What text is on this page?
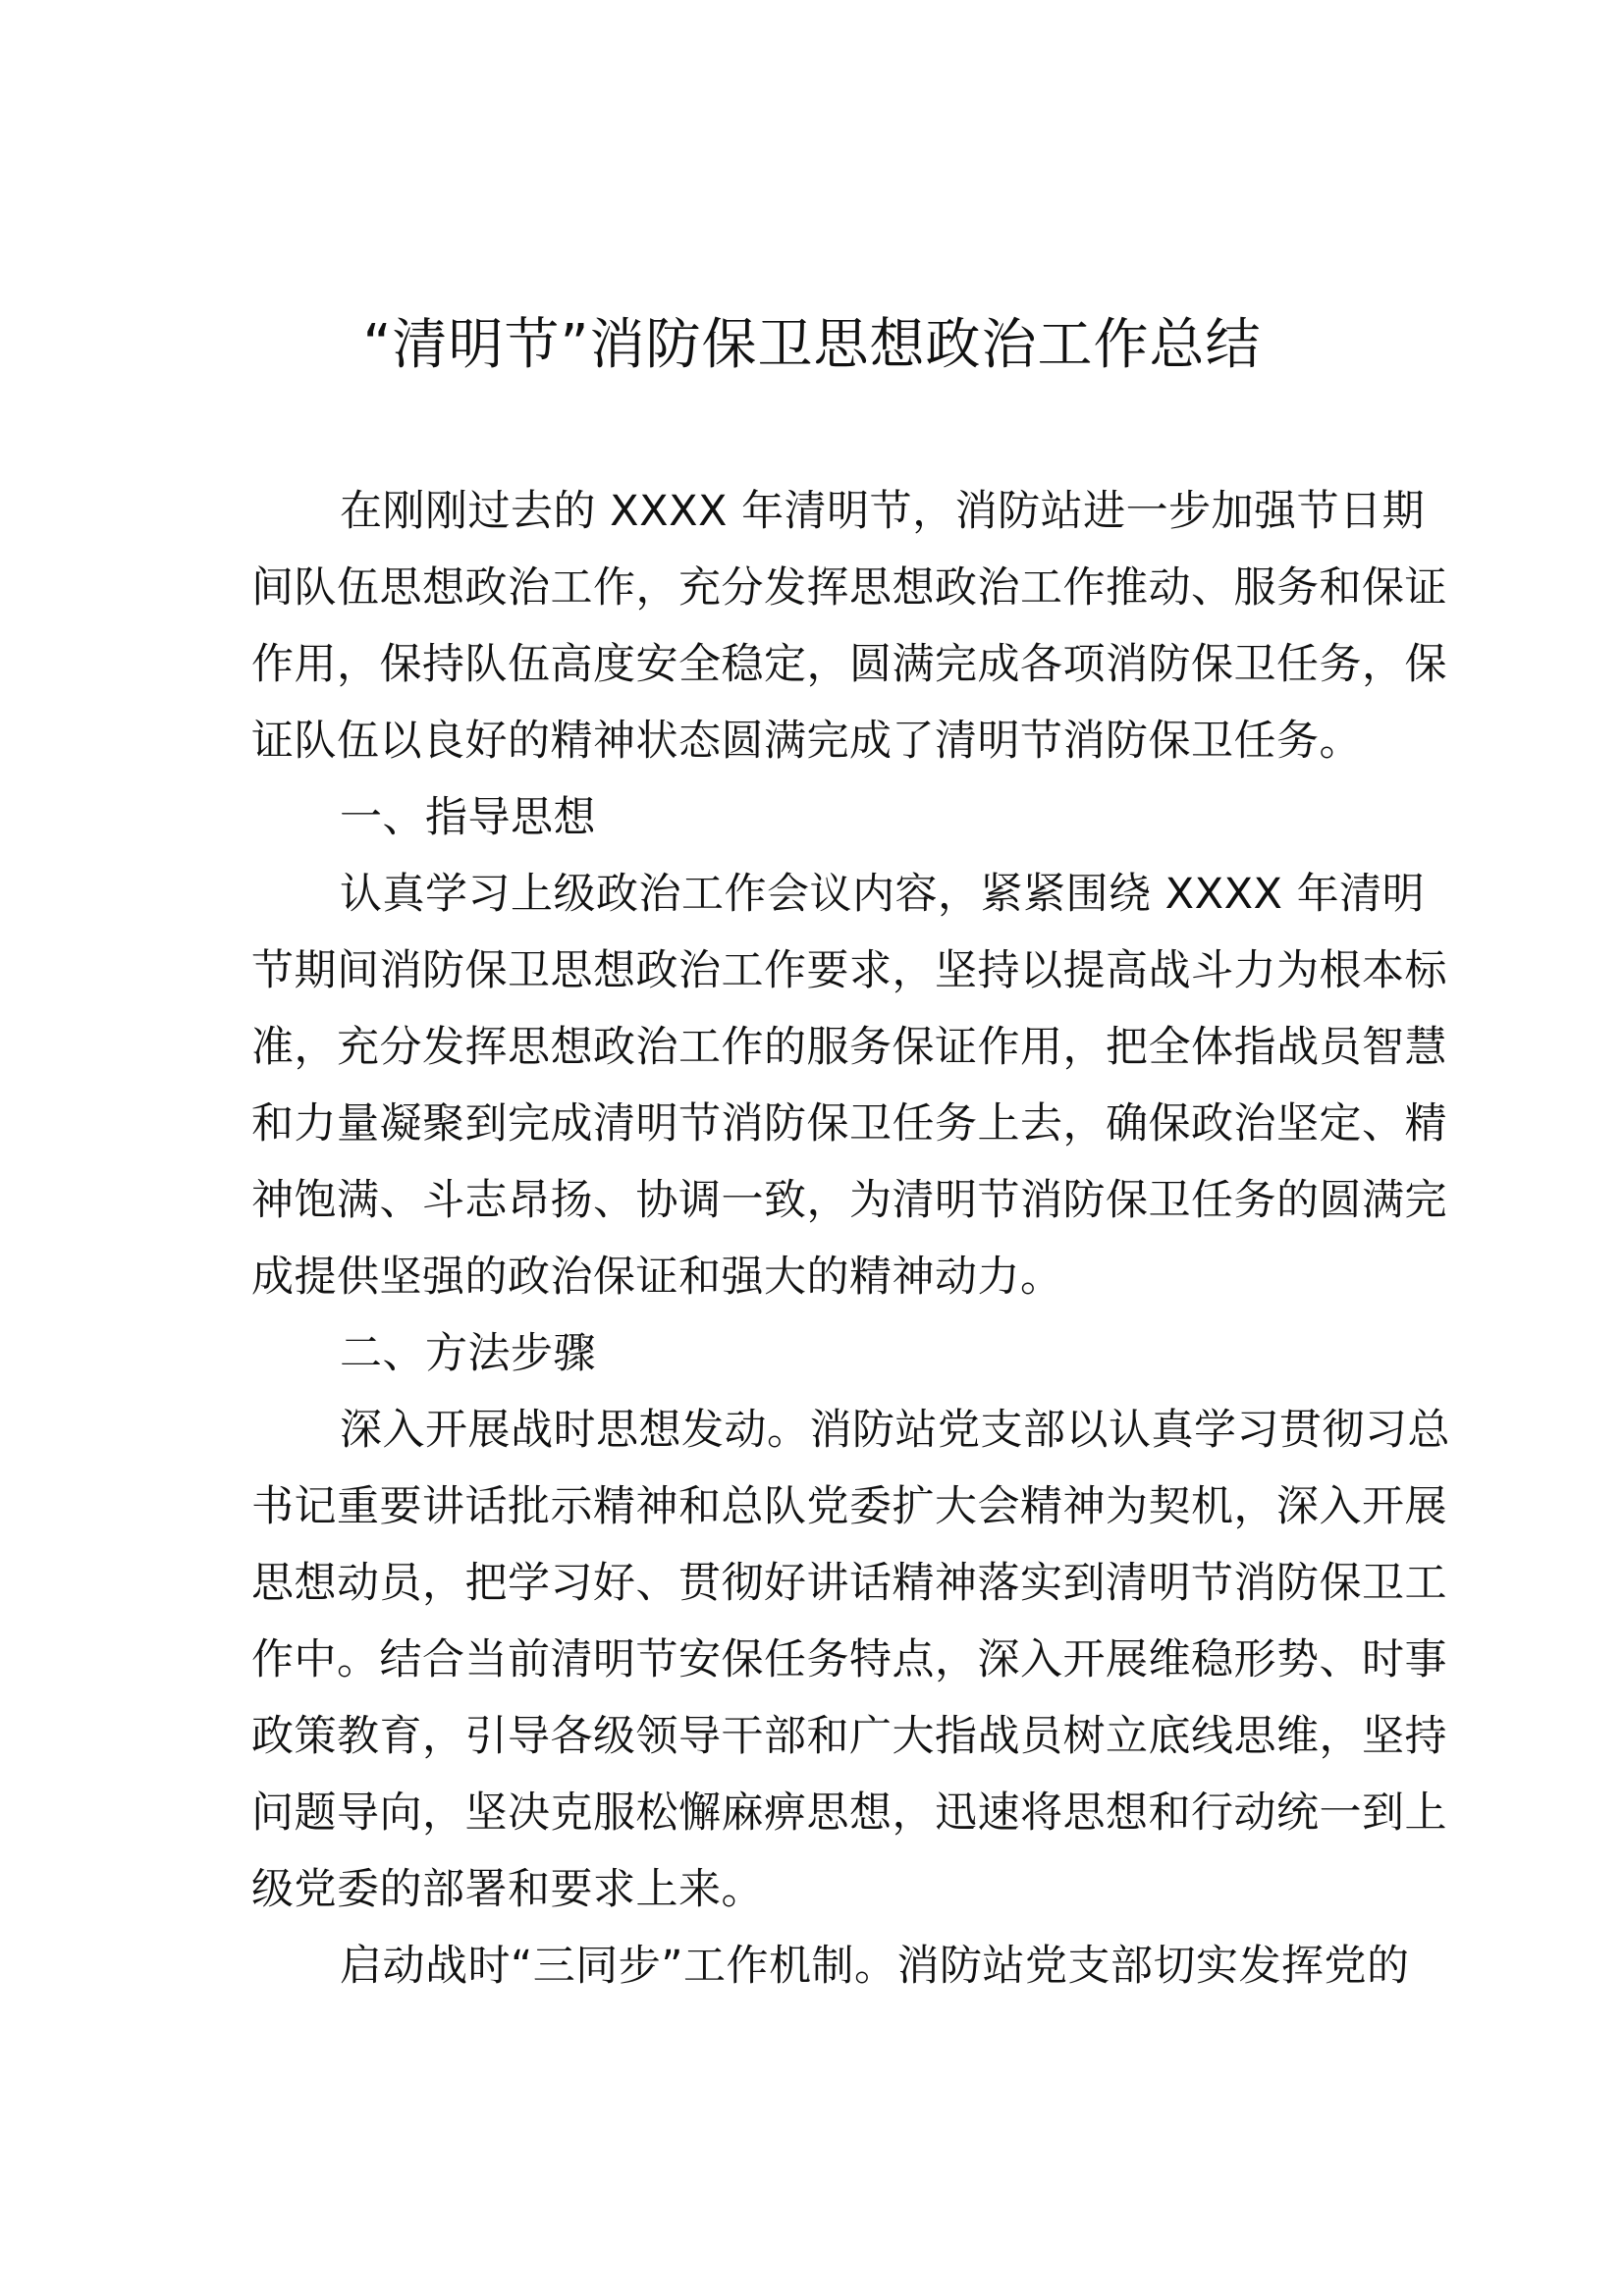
“清明节”消防保卫思想政治工作总结
在刚刚过去的 XXXX 年清明节，消防站进一步加强节日期
间队伍思想政治工作，充分发挥思想政治工作推动、服务和保证
作用，保持队伍高度安全稳定，圆满完成各项消防保卫任务，保
证队伍以良好的精神状态圆满完成了清明节消防保卫任务。
一、指导思想
认真学习上级政治工作会议内容，紧紧围绕 XXXX 年清明
节期间消防保卫思想政治工作要求，坚持以提高战斗力为根本标
准，充分发挥思想政治工作的服务保证作用，把全体指战员智慧
和力量凝聚到完成清明节消防保卫任务上去，确保政治坚定、精
神饱满、斗志昂扬、协调一致，为清明节消防保卫任务的圆满完
成提供坚强的政治保证和强大的精神动力。
二、方法步骤
深入开展战时思想发动。消防站党支部以认真学习贯彻习总
书记重要讲话批示精神和总队党委扩大会精神为契机，深入开展
思想动员，把学习好、贯彻好讲话精神落实到清明节消防保卫工
作中。结合当前清明节安保任务特点，深入开展维稳形势、时事
政策教育，引导各级领导干部和广大指战员树立底线思维，坚持
问题导向，坚决克服松懈麻痹思想，迅速将思想和行动统一到上
级党委的部署和要求上来。
启动战时“三同步”工作机制。消防站党支部切实发挥党的
